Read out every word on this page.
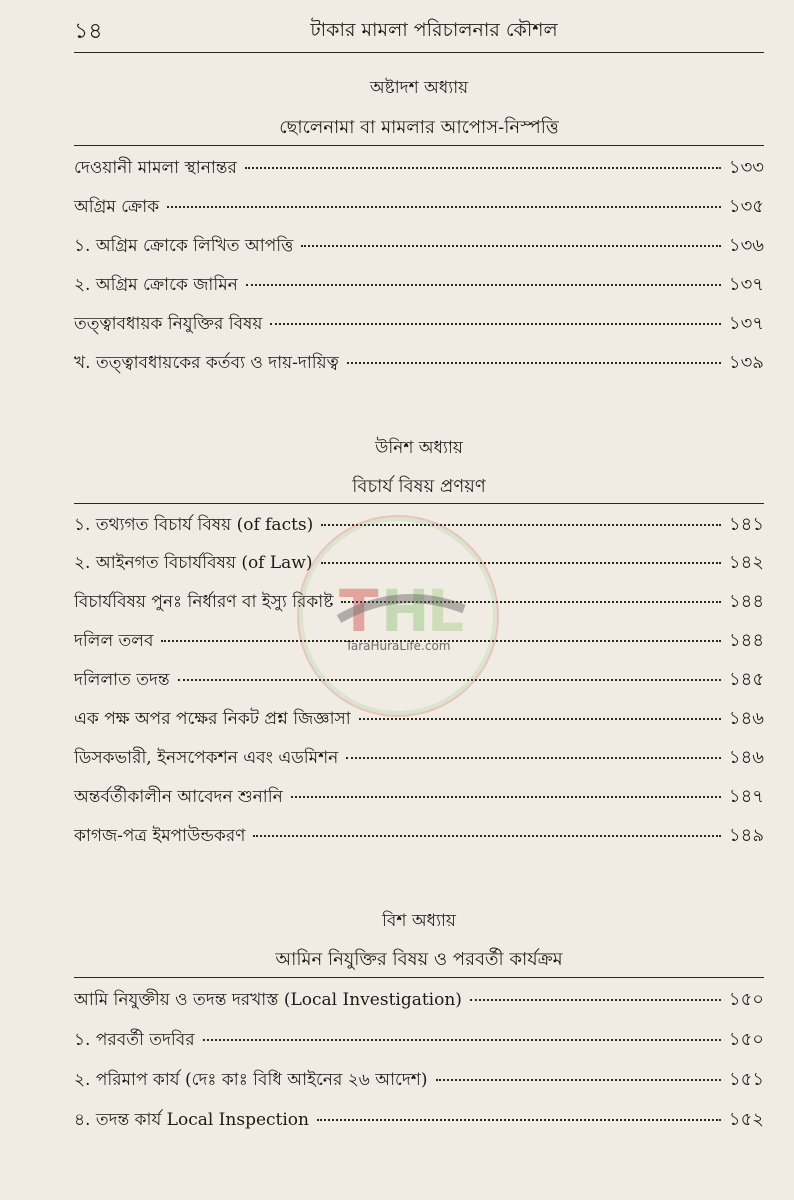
১৪	টাকার মামলা পরিচালনার কৌশল
অষ্টাদশ অধ্যায়
ছোলেনামা বা মামলার আপোস-নিস্পত্তি
দেওয়ানী মামলা স্থানান্তর	১৩৩
অগ্রিম ক্রোক	১৩৫
১. অগ্রিম ক্রোকে লিখিত আপত্তি	১৩৬
২. অগ্রিম ক্রোকে জামিন	১৩৭
তত্ত্বাবধায়ক নিযুক্তির বিষয়	১৩৭
খ. তত্ত্বাবধায়কের কর্তব্য ও দায়-দায়িত্ব	১৩৯
উনিশ অধ্যায়
বিচার্য বিষয় প্রণয়ণ
১. তথ্যগত বিচার্য বিষয় (of facts)	১৪১
২. আইনগত বিচার্যবিষয় (of Law)	১৪২
বিচার্যবিষয় পুনঃ নির্ধারণ বা ইস্যু রিকাষ্ট	১৪৪
দলিল তলব	১৪৪
দলিলাত তদন্ত	১৪৫
এক পক্ষ অপর পক্ষের নিকট প্রশ্ন জিজ্ঞাসা	১৪৬
ডিসকভারী, ইনসপেকশন এবং এডমিশন	১৪৬
অন্তর্বর্তীকালীন আবেদন শুনানি	১৪৭
কাগজ-পত্র ইমপাউন্ডকরণ	১৪৯
বিশ অধ্যায়
আমিন নিযুক্তির বিষয় ও পরবর্তী কার্যক্রম
আমি নিযুক্তীয় ও তদন্ত দরখাস্ত (Local Investigation)	১৫০
১. পরবর্তী তদবির	১৫০
২. পরিমাপ কার্য (দেঃ কাঃ বিধি আইনের ২৬ আদেশ)	১৫১
৪. তদন্ত কার্য Local Inspection	১৫২
T H
L
TaraHuraLife.com
